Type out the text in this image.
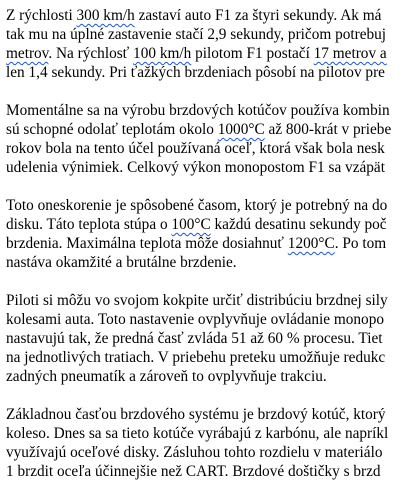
Z rýchlosti 300 km/h zastaví auto F1 za štyri sekundy. Ak má
tak mu na úplné zastavenie stačí 2,9 sekundy, pričom potrebuj
metrov. Na rýchlosť 100 km/h pilotom F1 postačí 17 metrov a
len 1,4 sekundy. Pri ťažkých brzdeniach pôsobí na pilotov pre
Momentálne sa na výrobu brzdových kotúčov používa kombin
sú schopné odolať teplotám okolo 1000°C až 800-krát v priebe
rokov bola na tento účel používaná oceľ, ktorá však bola nesk
udelenia výnimiek. Celkový výkon monopostom F1 sa vzápät
Toto oneskorenie je spôsobené časom, ktorý je potrebný na do
disku. Táto teplota stúpa o 100°C každú desatinu sekundy poč
brzdenia. Maximálna teplota môže dosiahnuť 1200°C. Po tom
nastáva okamžité a brutálne brzdenie.
Piloti si môžu vo svojom kokpite určiť distribúciu brzdnej sily
kolesami auta. Toto nastavenie ovplyvňuje ovládanie monopo
nastavujú tak, že predná časť zvláda 51 až 60 % procesu. Tiet
na jednotlivých tratiach. V priebehu preteku umožňuje redukc
zadných pneumatík a zároveň to ovplyvňuje trakciu.
Základnou časťou brzdového systému je brzdový kotúč, ktorý
koleso. Dnes sa sa tieto kotúče vyrábajú z karbónu, ale napríkl
využívajú oceľové disky. Zásluhou tohto rozdielu v materiálo
1 brzdit oceľa účinnejšie než CART. Brzdové doštičky s brzd
